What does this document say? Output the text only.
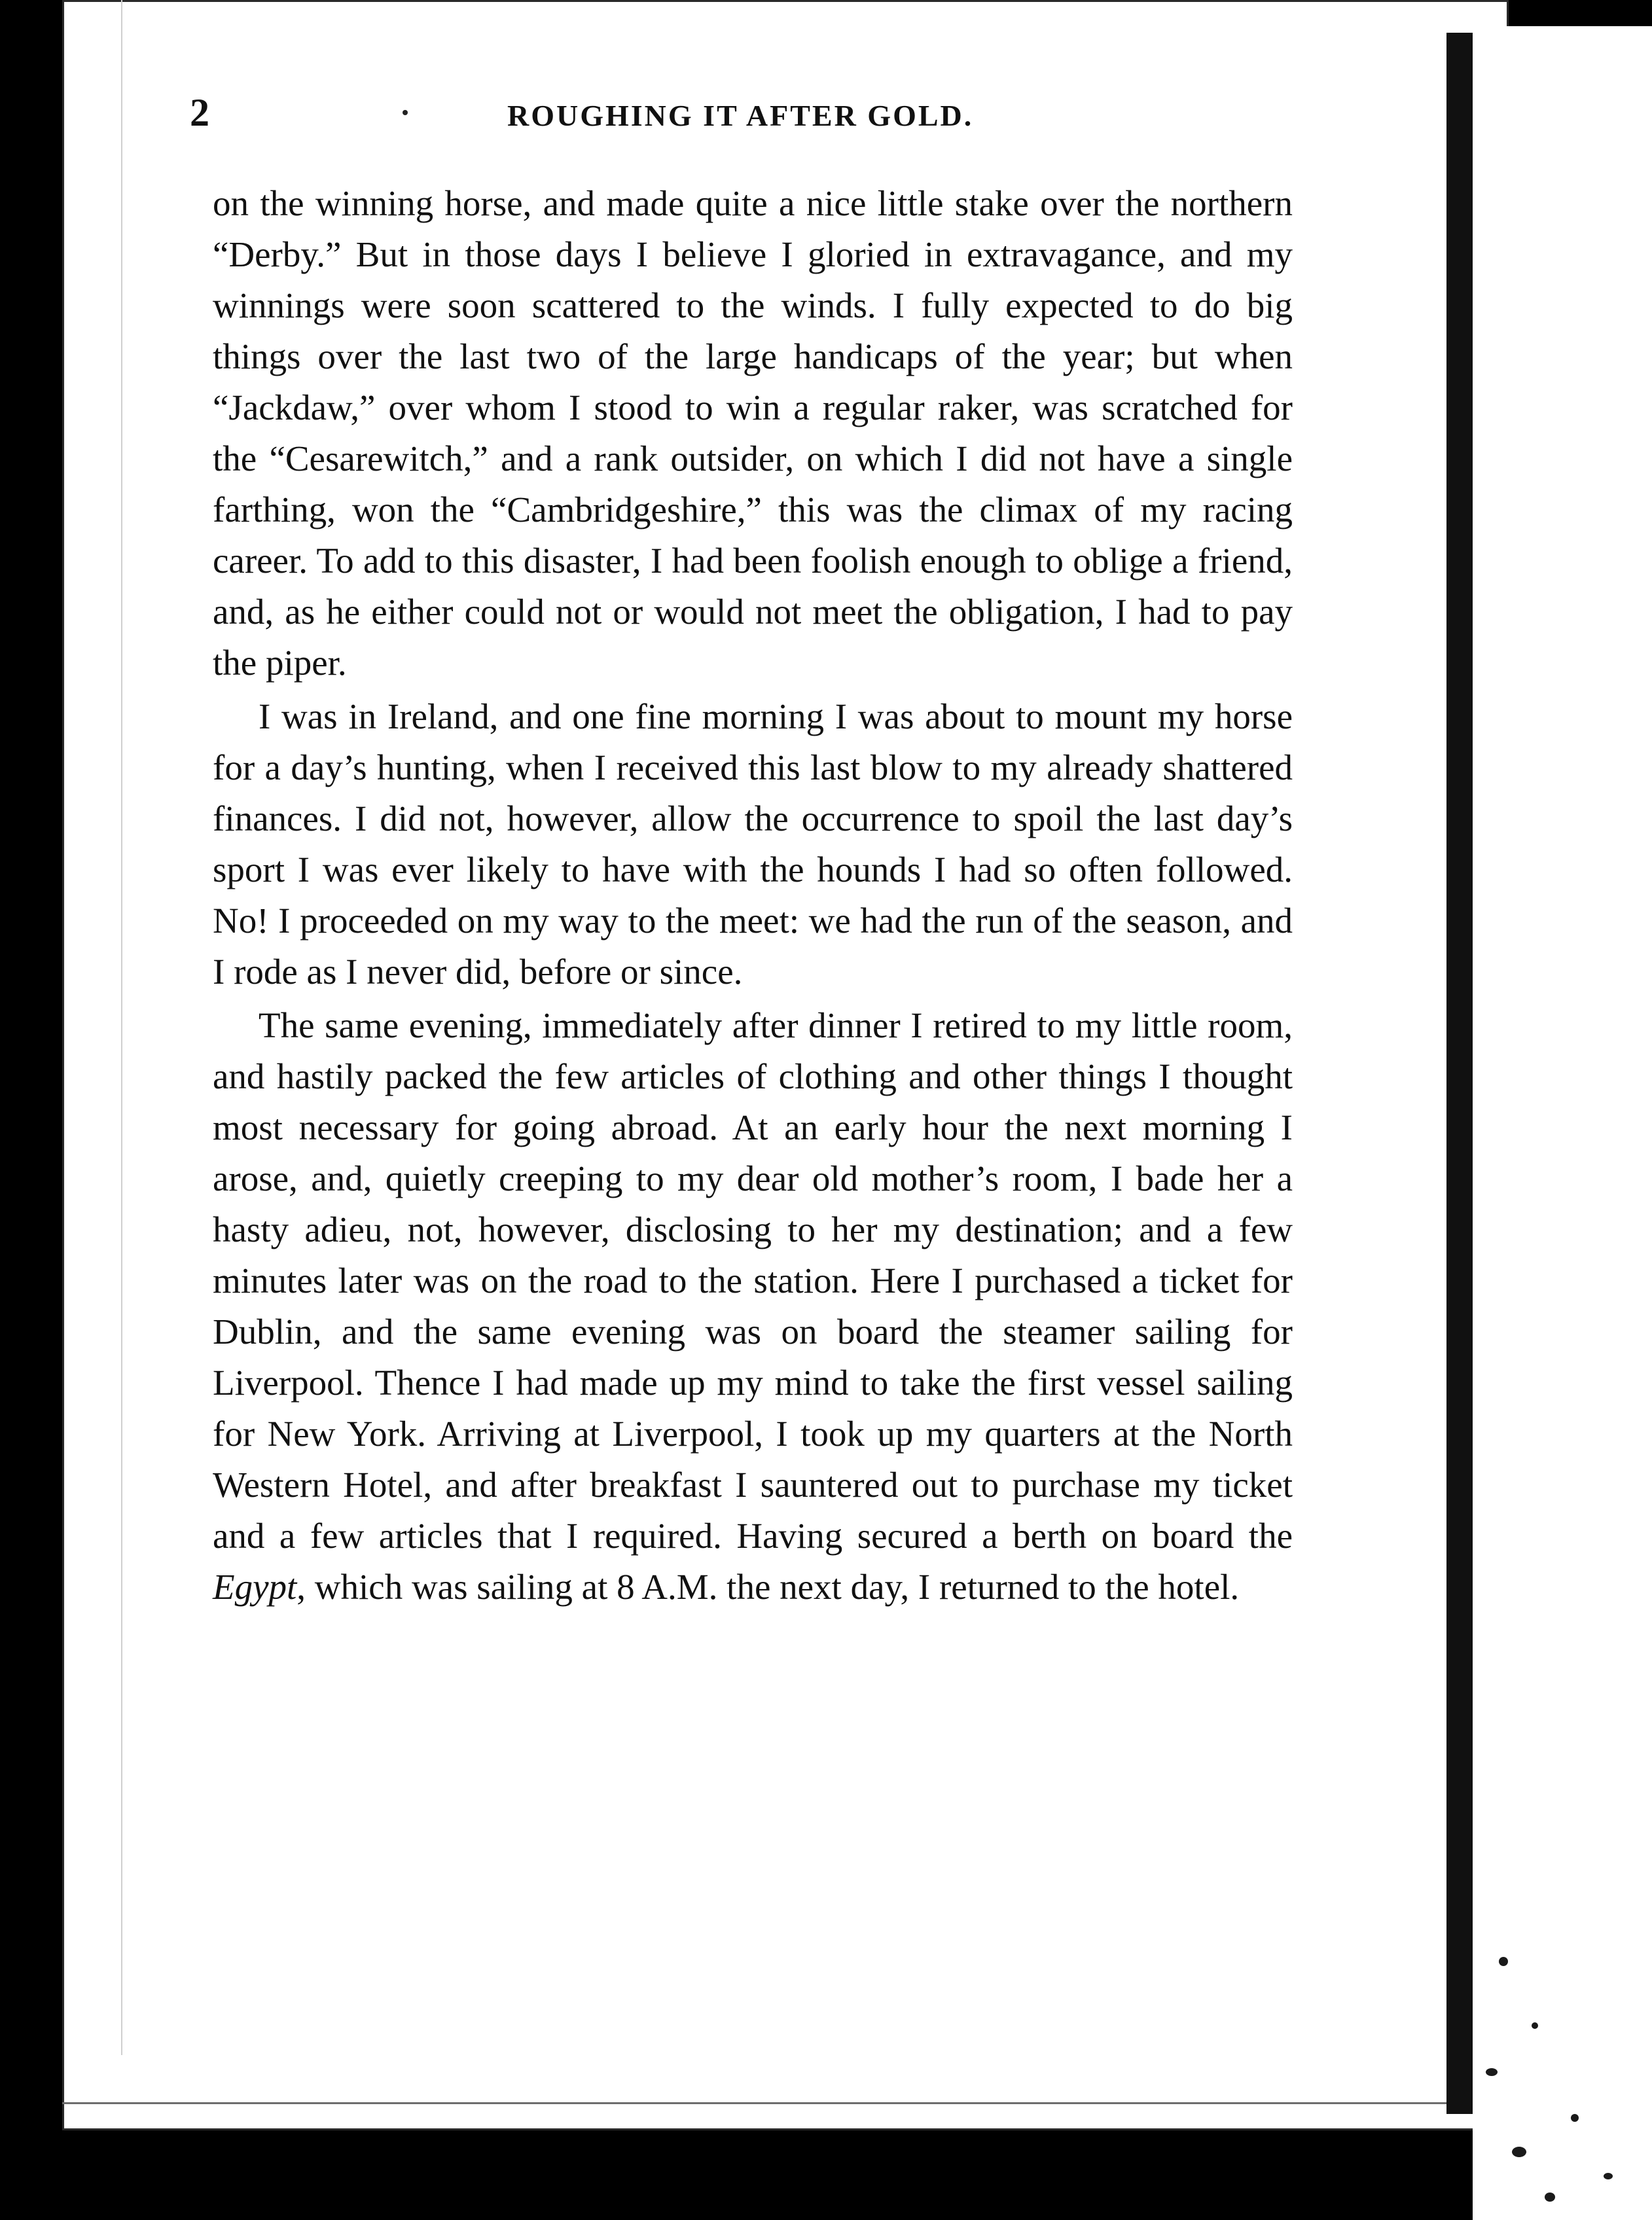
2	ROUGHING IT AFTER GOLD.

on the winning horse, and made quite a nice little stake over the northern “Derby.” But in those days I believe I gloried in extravagance, and my winnings were soon scattered to the winds. I fully expected to do big things over the last two of the large handicaps of the year; but when “Jackdaw,” over whom I stood to win a regular raker, was scratched for the “Cesarewitch,” and a rank outsider, on which I did not have a single farthing, won the “Cambridgeshire,” this was the climax of my racing career. To add to this disaster, I had been foolish enough to oblige a friend, and, as he either could not or would not meet the obligation, I had to pay the piper.

I was in Ireland, and one fine morning I was about to mount my horse for a day’s hunting, when I received this last blow to my already shattered finances. I did not, however, allow the occurrence to spoil the last day’s sport I was ever likely to have with the hounds I had so often followed. No! I proceeded on my way to the meet: we had the run of the season, and I rode as I never did, before or since.

The same evening, immediately after dinner I retired to my little room, and hastily packed the few articles of clothing and other things I thought most necessary for going abroad. At an early hour the next morning I arose, and, quietly creeping to my dear old mother’s room, I bade her a hasty adieu, not, however, disclosing to her my destination; and a few minutes later was on the road to the station. Here I purchased a ticket for Dublin, and the same evening was on board the steamer sailing for Liverpool. Thence I had made up my mind to take the first vessel sailing for New York. Arriving at Liverpool, I took up my quarters at the North Western Hotel, and after breakfast I sauntered out to purchase my ticket and a few articles that I required. Having secured a berth on board the Egypt, which was sailing at 8 A.M. the next day, I returned to the hotel.
